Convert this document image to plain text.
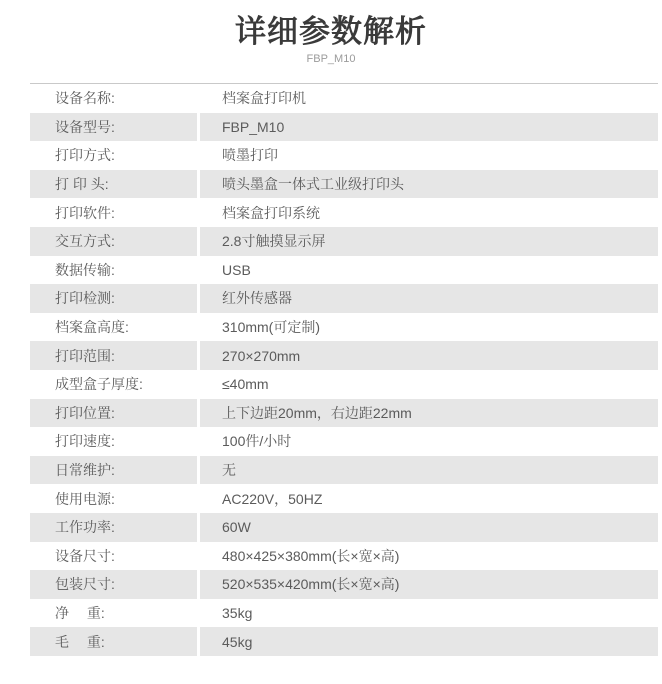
详细参数解析
FBP_M10
设备名称:	档案盒打印机
设备型号:	FBP_M10
打印方式:	喷墨打印
打 印 头:	喷头墨盒一体式工业级打印头
打印软件:	档案盒打印系统
交互方式:	2.8寸触摸显示屏
数据传输:	USB
打印检测:	红外传感器
档案盒高度:	310mm(可定制)
打印范围:	270×270mm
成型盒子厚度:	≤40mm
打印位置:	上下边距20mm，右边距22mm
打印速度:	100件/小时
日常维护:	无
使用电源:	AC220V，50HZ
工作功率:	60W
设备尺寸:	480×425×380mm(长×宽×高)
包装尺寸:	520×535×420mm(长×宽×高)
净　 重:	35kg
毛　 重:	45kg
